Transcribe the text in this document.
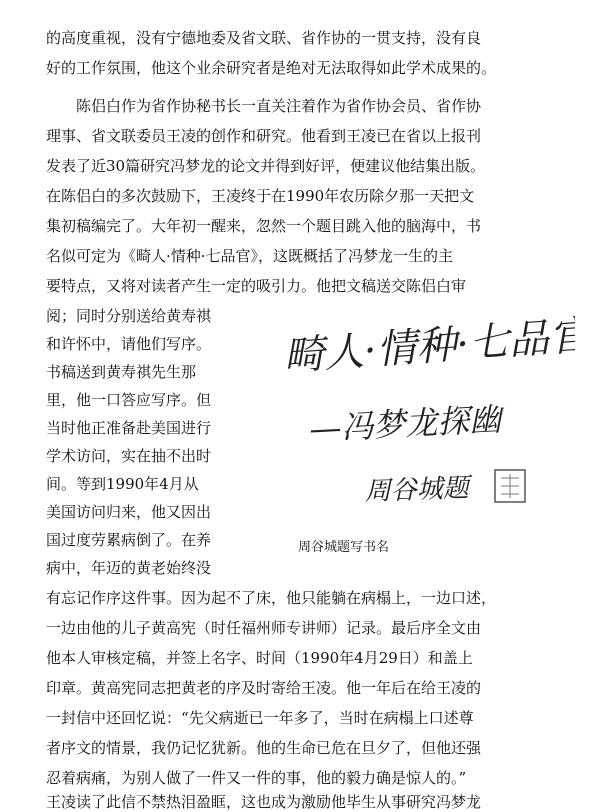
的高度重视，没有宁德地委及省文联、省作协的一贯支持，没有良
好的工作氛围，他这个业余研究者是绝对无法取得如此学术成果的。
　　陈侣白作为省作协秘书长一直关注着作为省作协会员、省作协
理事、省文联委员王凌的创作和研究。他看到王凌已在省以上报刊
发表了近30篇研究冯梦龙的论文并得到好评，便建议他结集出版。
在陈侣白的多次鼓励下，王凌终于在1990年农历除夕那一天把文
集初稿编完了。大年初一醒来，忽然一个题目跳入他的脑海中，书
名似可定为《畸人·情种·七品官》，这既概括了冯梦龙一生的主
要特点，又将对读者产生一定的吸引力。他把文稿送交陈侣白审
阅；同时分别送给黄寿祺
和许怀中，请他们写序。
书稿送到黄寿祺先生那
里，他一口答应写序。但
当时他正准备赴美国进行
学术访问，实在抽不出时
间。等到1990年4月从
美国访问归来，他又因出
国过度劳累病倒了。在养
病中，年迈的黄老始终没
畸人·情种·七品官
—冯梦龙探幽
周谷城题
周谷城题写书名
有忘记作序这件事。因为起不了床，他只能躺在病榻上，一边口述，
一边由他的儿子黄高宪（时任福州师专讲师）记录。最后序全文由
他本人审核定稿，并签上名字、时间（1990年4月29日）和盖上
印章。黄高宪同志把黄老的序及时寄给王凌。他一年后在给王凌的
一封信中还回忆说：“先父病逝已一年多了，当时在病榻上口述尊
者序文的情景，我仍记忆犹新。他的生命已危在旦夕了，但他还强
忍着病痛，为别人做了一件又一件的事，他的毅力确是惊人的。”
王凌读了此信不禁热泪盈眶，这也成为激励他毕生从事研究冯梦龙
